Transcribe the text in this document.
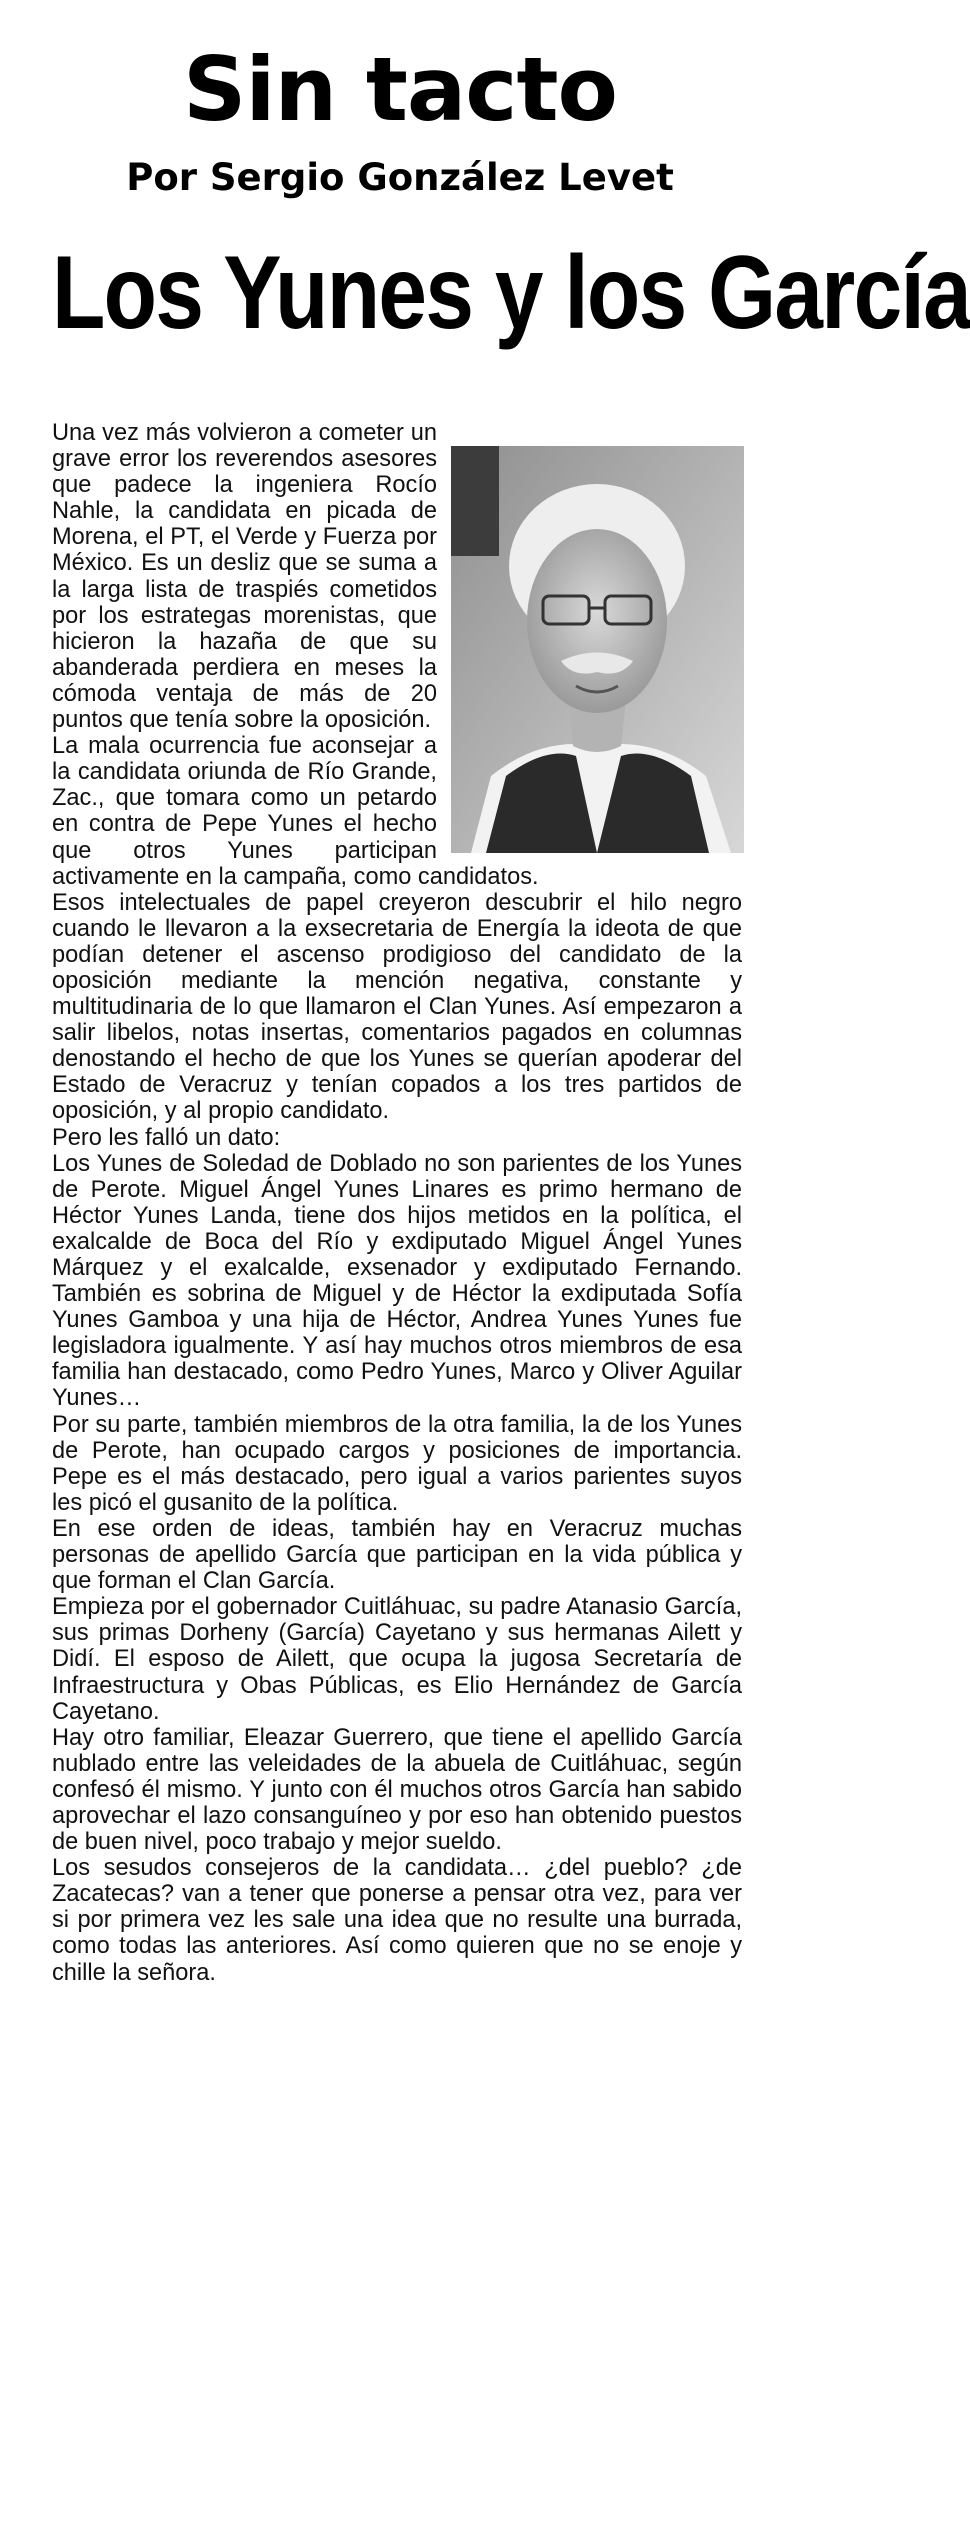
Sin tacto
Por Sergio González Levet
Los Yunes y los García

Una vez más volvieron a cometer un grave error los reverendos asesores que padece la ingeniera Rocío Nahle, la candidata en picada de Morena, el PT, el Verde y Fuerza por México. Es un desliz que se suma a la larga lista de traspiés cometidos por los estrategas morenistas, que hicieron la hazaña de que su abanderada perdiera en meses la cómoda ventaja de más de 20 puntos que tenía sobre la oposición.

La mala ocurrencia fue aconsejar a la candidata oriunda de Río Grande, Zac., que tomara como un petardo en contra de Pepe Yunes el hecho que otros Yunes participan activamente en la campaña, como candidatos.

Esos intelectuales de papel creyeron descubrir el hilo negro cuando le llevaron a la exsecretaria de Energía la ideota de que podían detener el ascenso prodigioso del candidato de la oposición mediante la mención negativa, constante y multitudinaria de lo que llamaron el Clan Yunes. Así empezaron a salir libelos, notas insertas, comentarios pagados en columnas denostando el hecho de que los Yunes se querían apoderar del Estado de Veracruz y tenían copados a los tres partidos de oposición, y al propio candidato.

Pero les falló un dato:

Los Yunes de Soledad de Doblado no son parientes de los Yunes de Perote. Miguel Ángel Yunes Linares es primo hermano de Héctor Yunes Landa, tiene dos hijos metidos en la política, el exalcalde de Boca del Río y exdiputado Miguel Ángel Yunes Márquez y el exalcalde, exsenador y exdiputado Fernando. También es sobrina de Miguel y de Héctor la exdiputada Sofía Yunes Gamboa y una hija de Héctor, Andrea Yunes Yunes fue legisladora igualmente. Y así hay muchos otros miembros de esa familia han destacado, como Pedro Yunes, Marco y Oliver Aguilar Yunes…

Por su parte, también miembros de la otra familia, la de los Yunes de Perote, han ocupado cargos y posiciones de importancia. Pepe es el más destacado, pero igual a varios parientes suyos les picó el gusanito de la política.

En ese orden de ideas, también hay en Veracruz muchas personas de apellido García que participan en la vida pública y que forman el Clan García.

Empieza por el gobernador Cuitláhuac, su padre Atanasio García, sus primas Dorheny (García) Cayetano y sus hermanas Ailett y Didí. El esposo de Ailett, que ocupa la jugosa Secretaría de Infraestructura y Obas Públicas, es Elio Hernández de García Cayetano.

Hay otro familiar, Eleazar Guerrero, que tiene el apellido García nublado entre las veleidades de la abuela de Cuitláhuac, según confesó él mismo. Y junto con él muchos otros García han sabido aprovechar el lazo consanguíneo y por eso han obtenido puestos de buen nivel, poco trabajo y mejor sueldo.

Los sesudos consejeros de la candidata… ¿del pueblo? ¿de Zacatecas? van a tener que ponerse a pensar otra vez, para ver si por primera vez les sale una idea que no resulte una burrada, como todas las anteriores. Así como quieren que no se enoje y chille la señora.
